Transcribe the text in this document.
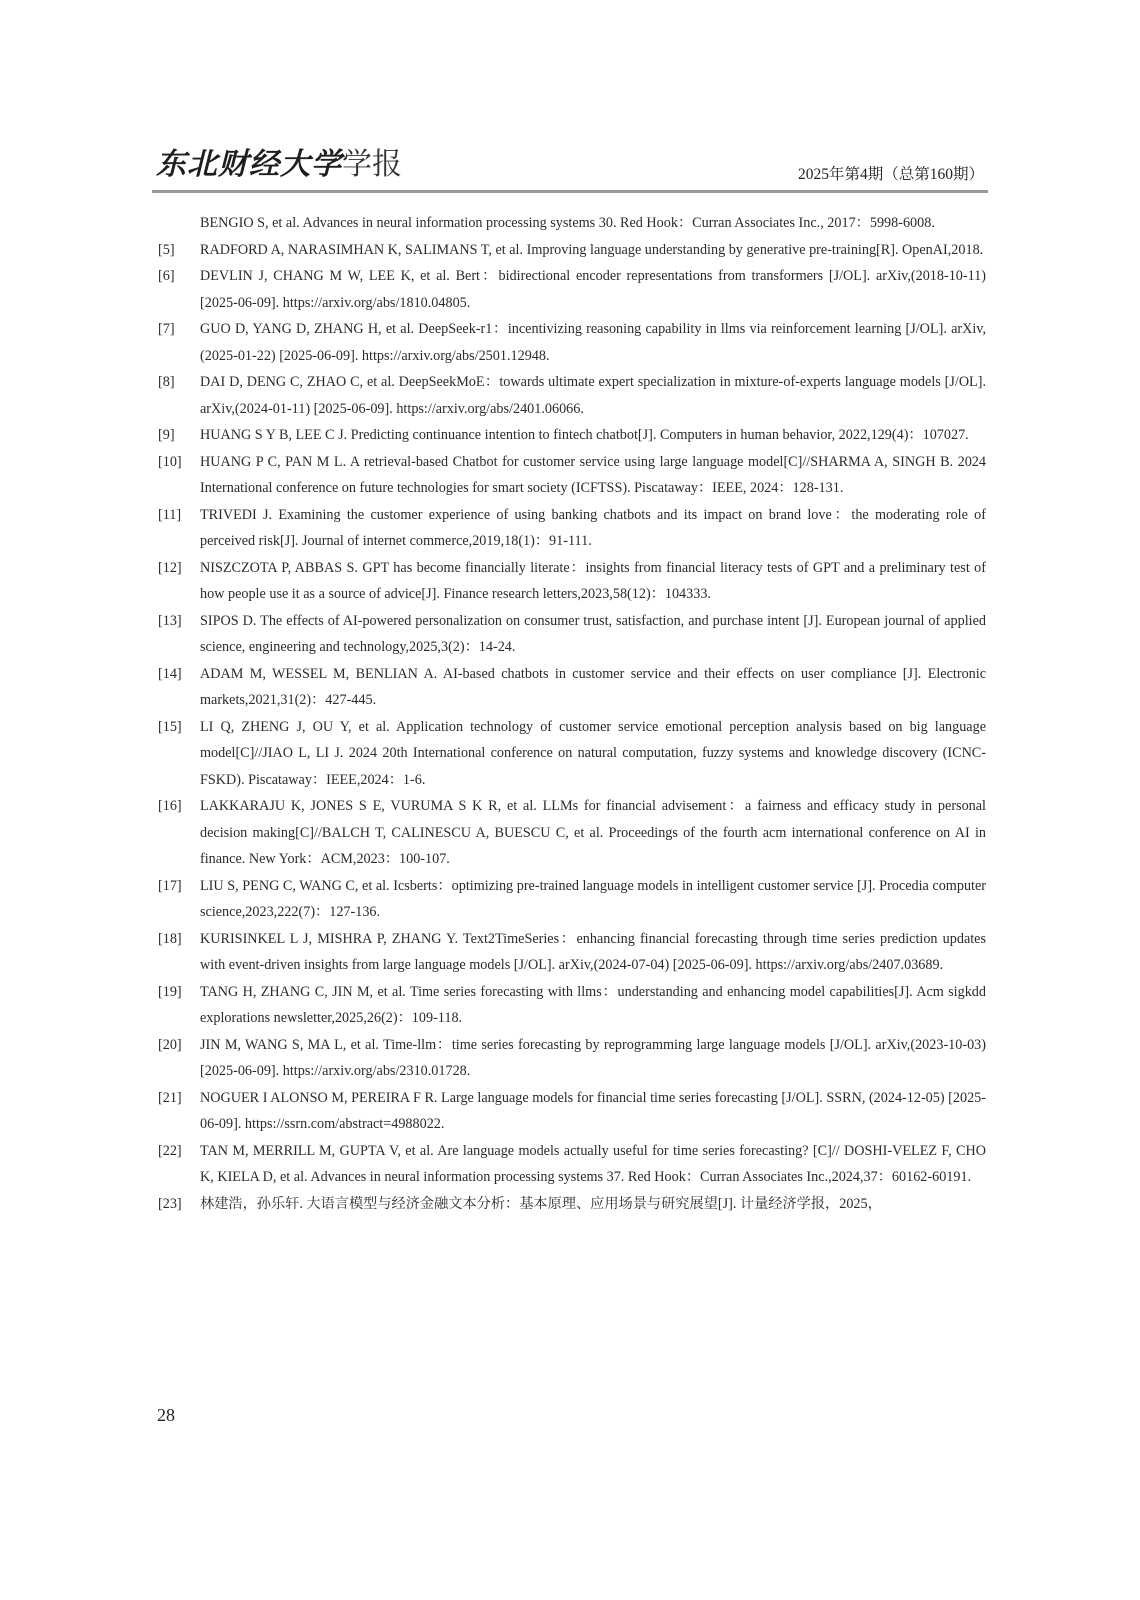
东北财经大学学报	2025年第4期（总第160期）
BENGIO S, et al. Advances in neural information processing systems 30. Red Hook：Curran Associates Inc., 2017：5998-6008.
[5] RADFORD A, NARASIMHAN K, SALIMANS T, et al. Improving language understanding by generative pre-training[R]. OpenAI,2018.
[6] DEVLIN J, CHANG M W, LEE K, et al. Bert：bidirectional encoder representations from transformers [J/OL]. arXiv,(2018-10-11) [2025-06-09]. https://arxiv.org/abs/1810.04805.
[7] GUO D, YANG D, ZHANG H, et al. DeepSeek-r1：incentivizing reasoning capability in llms via reinforcement learning [J/OL]. arXiv,(2025-01-22) [2025-06-09]. https://arxiv.org/abs/2501.12948.
[8] DAI D, DENG C, ZHAO C, et al. DeepSeekMoE：towards ultimate expert specialization in mixture-of-experts language models [J/OL]. arXiv,(2024-01-11) [2025-06-09]. https://arxiv.org/abs/2401.06066.
[9] HUANG S Y B, LEE C J. Predicting continuance intention to fintech chatbot[J]. Computers in human behavior, 2022,129(4)：107027.
[10] HUANG P C, PAN M L. A retrieval-based Chatbot for customer service using large language model[C]//SHARMA A, SINGH B. 2024 International conference on future technologies for smart society (ICFTSS). Piscataway：IEEE, 2024：128-131.
[11] TRIVEDI J. Examining the customer experience of using banking chatbots and its impact on brand love：the moderating role of perceived risk[J]. Journal of internet commerce,2019,18(1)：91-111.
[12] NISZCZOTA P, ABBAS S. GPT has become financially literate：insights from financial literacy tests of GPT and a preliminary test of how people use it as a source of advice[J]. Finance research letters,2023,58(12)：104333.
[13] SIPOS D. The effects of AI-powered personalization on consumer trust, satisfaction, and purchase intent [J]. European journal of applied science, engineering and technology,2025,3(2)：14-24.
[14] ADAM M, WESSEL M, BENLIAN A. AI-based chatbots in customer service and their effects on user compliance [J]. Electronic markets,2021,31(2)：427-445.
[15] LI Q, ZHENG J, OU Y, et al. Application technology of customer service emotional perception analysis based on big language model[C]//JIAO L, LI J. 2024 20th International conference on natural computation, fuzzy systems and knowledge discovery (ICNC-FSKD). Piscataway：IEEE,2024：1-6.
[16] LAKKARAJU K, JONES S E, VURUMA S K R, et al. LLMs for financial advisement：a fairness and efficacy study in personal decision making[C]//BALCH T, CALINESCU A, BUESCU C, et al. Proceedings of the fourth acm international conference on AI in finance. New York：ACM,2023：100-107.
[17] LIU S, PENG C, WANG C, et al. Icsberts：optimizing pre-trained language models in intelligent customer service [J]. Procedia computer science,2023,222(7)：127-136.
[18] KURISINKEL L J, MISHRA P, ZHANG Y. Text2TimeSeries：enhancing financial forecasting through time series prediction updates with event-driven insights from large language models [J/OL]. arXiv,(2024-07-04) [2025-06-09]. https://arxiv.org/abs/2407.03689.
[19] TANG H, ZHANG C, JIN M, et al. Time series forecasting with llms：understanding and enhancing model capabilities[J]. Acm sigkdd explorations newsletter,2025,26(2)：109-118.
[20] JIN M, WANG S, MA L, et al. Time-llm：time series forecasting by reprogramming large language models [J/OL]. arXiv,(2023-10-03) [2025-06-09]. https://arxiv.org/abs/2310.01728.
[21] NOGUER I ALONSO M, PEREIRA F R. Large language models for financial time series forecasting [J/OL]. SSRN, (2024-12-05) [2025-06-09]. https://ssrn.com/abstract=4988022.
[22] TAN M, MERRILL M, GUPTA V, et al. Are language models actually useful for time series forecasting? [C]// DOSHI-VELEZ F, CHO K, KIELA D, et al. Advances in neural information processing systems 37. Red Hook：Curran Associates Inc.,2024,37：60162-60191.
[23] 林建浩，孙乐轩. 大语言模型与经济金融文本分析：基本原理、应用场景与研究展望[J]. 计量经济学报，2025，
28
